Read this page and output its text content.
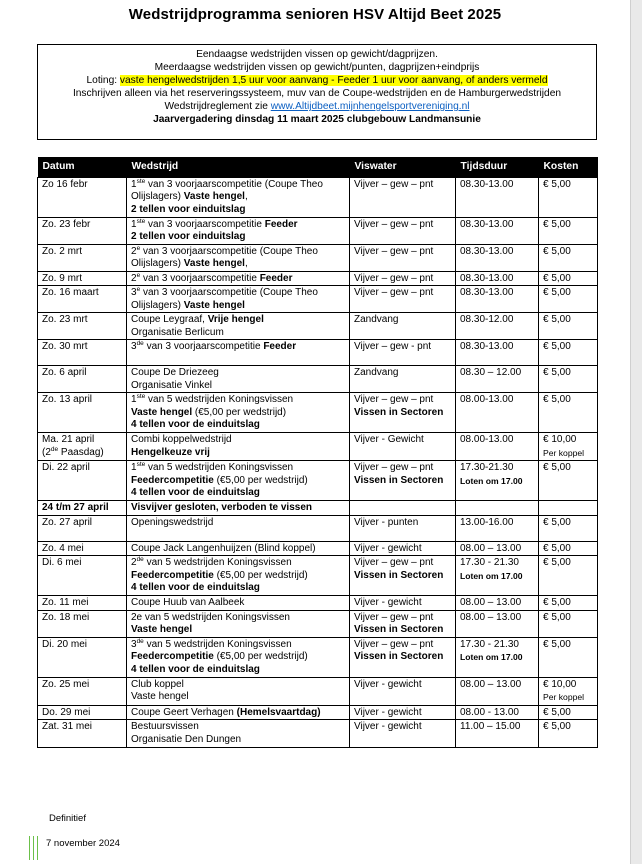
Wedstrijdprogramma senioren HSV Altijd Beet 2025
Eendaagse wedstrijden vissen op gewicht/dagprijzen.
Meerdaagse wedstrijden vissen op gewicht/punten, dagprijzen+eindprijs
Loting: vaste hengelwedstrijden 1,5 uur voor aanvang - Feeder 1 uur voor aanvang, of anders vermeld
Inschrijven alleen via het reserveringssysteem, muv van de Coupe-wedstrijden en de Hamburgerwedstrijden
Wedstrijdreglement zie www.Altijdbeet.mijnhengelsportvereniging.nl
Jaarvergadering dinsdag 11 maart 2025 clubgebouw Landmansunie
Datum	Wedstrijd	Viswater	Tijdsduur	Kosten
Zo 16 febr	1ste van 3 voorjaarscompetitie (Coupe Theo
Olijslagers) Vaste hengel,
2 tellen voor einduitslag	Vijver – gew – pnt	08.30-13.00	€ 5,00

Zo. 23 febr	1ste van 3 voorjaarscompetitie Feeder
2 tellen voor einduitslag	Vijver – gew – pnt	08.30-13.00	€ 5,00

Zo. 2 mrt	2e van 3 voorjaarscompetitie (Coupe Theo
Olijslagers) Vaste hengel,	Vijver – gew – pnt	08.30-13.00	€ 5,00

Zo. 9 mrt	2e van 3 voorjaarscompetitie Feeder	Vijver – gew – pnt	08.30-13.00	€ 5,00

Zo. 16 maart	3e van 3 voorjaarscompetitie (Coupe Theo
Olijslagers) Vaste hengel	Vijver – gew – pnt	08.30-13.00	€ 5,00

Zo. 23 mrt	Coupe Leygraaf, Vrije hengel
Organisatie Berlicum	Zandvang	08.30-12.00	€ 5,00

Zo. 30 mrt	3de van 3 voorjaarscompetitie Feeder	Vijver – gew - pnt	08.30-13.00	€ 5,00

Zo. 6 april	Coupe De Driezeeg
Organisatie Vinkel	Zandvang	08.30 – 12.00	€ 5,00

Zo. 13 april	1ste van 5 wedstrijden Koningsvissen
Vaste hengel (€5,00 per wedstrijd)
4 tellen voor de einduitslag	Vijver – gew – pnt
Vissen in Sectoren	08.00-13.00	€ 5,00

Ma. 21 april
(2de Paasdag)	Combi koppelwedstrijd
Hengelkeuze vrij	Vijver - Gewicht	08.00-13.00	€ 10,00
Per koppel

Di. 22 april	1ste van 5 wedstrijden Koningsvissen
Feedercompetitie (€5,00 per wedstrijd)
4 tellen voor de einduitslag	Vijver – gew – pnt
Vissen in Sectoren	17.30-21.30
Loten om 17.00	€ 5,00

24 t/m 27 april	Visvijver gesloten, verboden te vissen			

Zo. 27 april	Openingswedstrijd	Vijver - punten	13.00-16.00	€ 5,00

Zo. 4 mei	Coupe Jack Langenhuijzen (Blind koppel)	Vijver - gewicht	08.00 – 13.00	€ 5,00

Di. 6 mei	2de van 5 wedstrijden Koningsvissen
Feedercompetitie (€5,00 per wedstrijd)
4 tellen voor de einduitslag	Vijver – gew – pnt
Vissen in Sectoren	17.30 - 21.30
Loten om 17.00	€ 5,00

Zo. 11 mei	Coupe Huub van Aalbeek	Vijver - gewicht	08.00 – 13.00	€ 5,00

Zo. 18 mei	2e van 5 wedstrijden Koningsvissen
Vaste hengel	Vijver – gew – pnt
Vissen in Sectoren	08.00 – 13.00	€ 5,00

Di. 20 mei	3de van 5 wedstrijden Koningsvissen
Feedercompetitie (€5,00 per wedstrijd)
4 tellen voor de einduitslag	Vijver – gew – pnt
Vissen in Sectoren	17.30 - 21.30
Loten om 17.00	€ 5,00

Zo. 25 mei	Club koppel
Vaste hengel	Vijver - gewicht	08.00 – 13.00	€ 10,00
Per koppel

Do. 29 mei	Coupe Geert Verhagen (Hemelsvaartdag)	Vijver - gewicht	08.00 - 13.00	€ 5,00

Zat. 31 mei	Bestuursvissen
Organisatie Den Dungen	Vijver - gewicht	11.00 – 15.00	€ 5,00
Definitief
7 november 2024
